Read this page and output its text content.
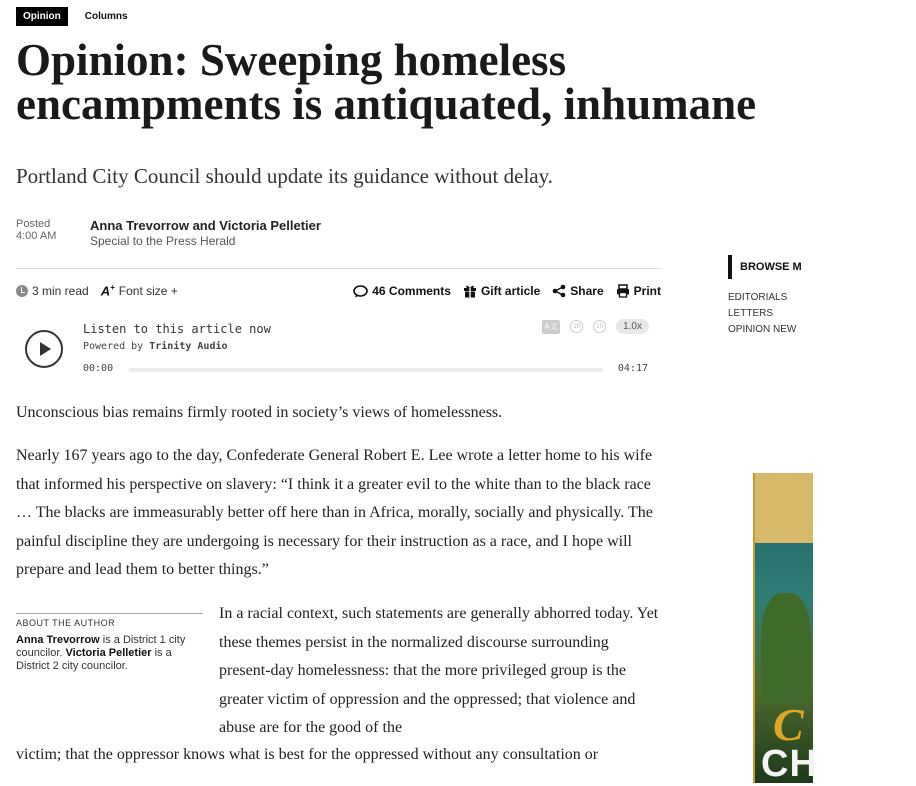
Opinion	Columns
Opinion: Sweeping homeless
encampments is antiquated, inhumane
Portland City Council should update its guidance without delay.
Posted
4:00 AM
Anna Trevorrow and Victoria Pelletier
Special to the Press Herald
3 min read A+ Font size +	46 Comments	Gift article	Share	Print
Listen to this article now
Powered by Trinity Audio
A文	10	15	1.0x
00:00	04:17

Unconscious bias remains firmly rooted in society’s views of homelessness.

Nearly 167 years ago to the day, Confederate General Robert E. Lee wrote a letter home to his wife that informed his perspective on slavery: “I think it a greater evil to the white than to the black race … The blacks are immeasurably better off here than in Africa, morally, socially and physically. The painful discipline they are undergoing is necessary for their instruction as a race, and I hope will prepare and lead them to better things.”

ABOUT THE AUTHOR
Anna Trevorrow is a District 1 city councilor. Victoria Pelletier is a District 2 city councilor.

In a racial context, such statements are generally abhorred today. Yet these themes persist in the normalized discourse surrounding present-day homelessness: that the more privileged group is the greater victim of oppression and the oppressed; that violence and abuse are for the good of the

victim; that the oppressor knows what is best for the oppressed without any consultation or

BROWSE M
EDITORIALS
LETTERS
OPINION NEW
C
CH
